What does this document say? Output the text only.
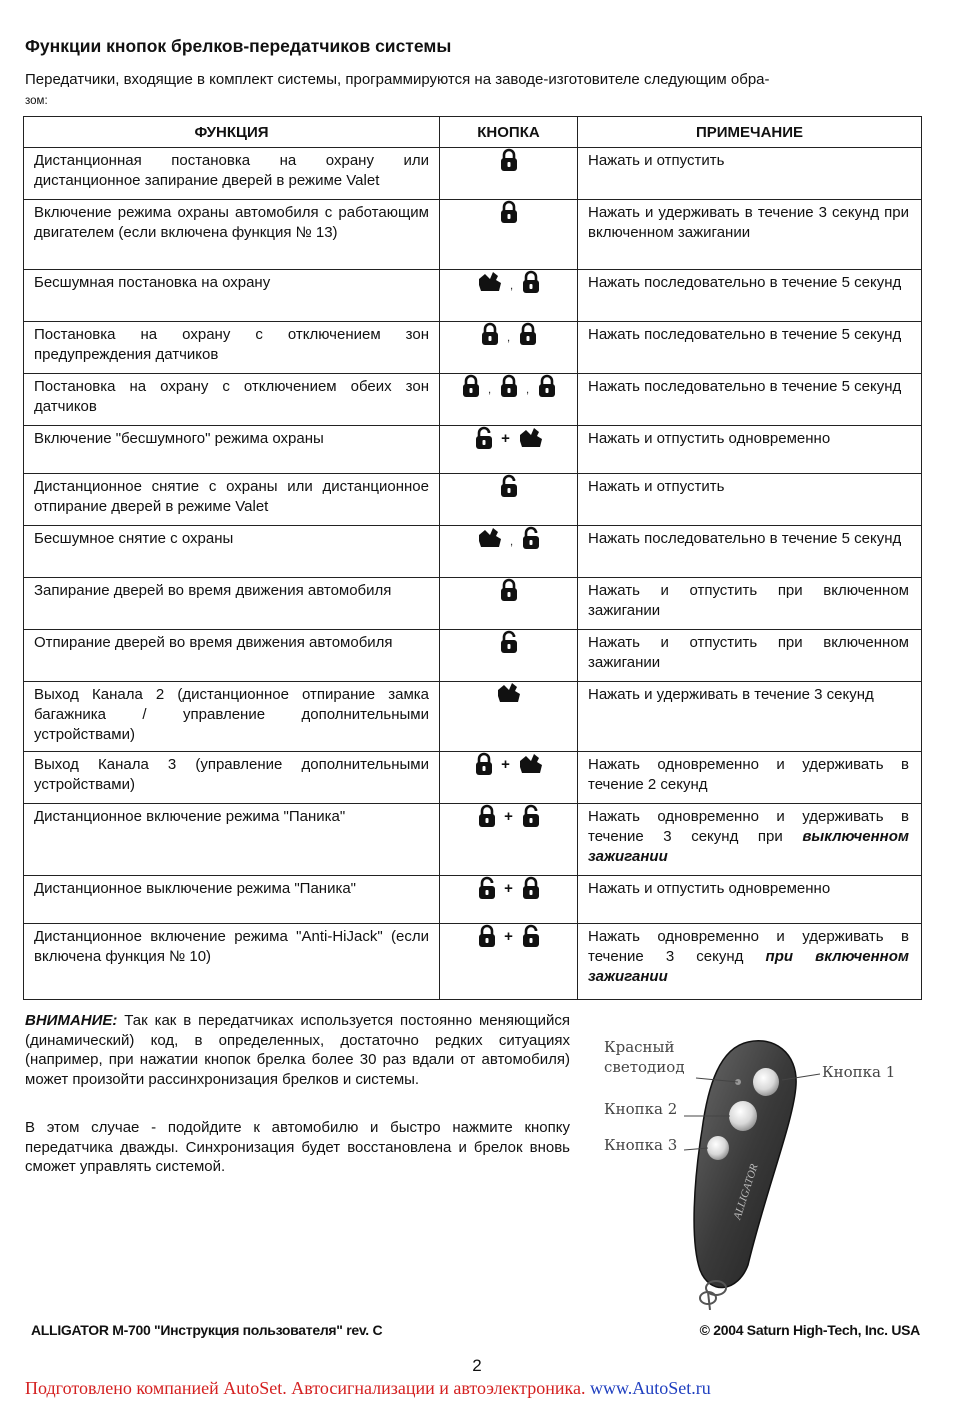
Функции кнопок брелков-передатчиков системы
Передатчики, входящие в комплект системы, программируются на заводе-изготовителе следующим обра-
зом:
ФУНКЦИЯ	КНОПКА	ПРИМЕЧАНИЕ
Дистанционная постановка на охрану или дистанционное запирание дверей в режиме Valet		Нажать и отпустить
Включение режима охраны автомобиля с работающим двигателем (если включена функция № 13)		Нажать и удерживать в течение 3 секунд при включенном зажигании
Бесшумная постановка на охрану	,	Нажать последовательно в течение 5 секунд
Постановка на охрану с отключением зон предупреждения датчиков	,	Нажать последовательно в течение 5 секунд
Постановка на охрану с отключением обеих зон датчиков	, ,	Нажать последовательно в течение 5 секунд
Включение "бесшумного" режима охраны	+	Нажать и отпустить одновременно
Дистанционное снятие с охраны или дистанционное отпирание дверей в режиме Valet		Нажать и отпустить
Бесшумное снятие с охраны	,	Нажать последовательно в течение 5 секунд
Запирание дверей во время движения автомобиля		Нажать и отпустить при включенном зажигании
Отпирание дверей во время движения автомобиля		Нажать и отпустить при включенном зажигании
Выход Канала 2 (дистанционное отпирание замка багажника / управление дополнительными устройствами)		Нажать и удерживать в течение 3 секунд
Выход Канала 3 (управление дополнительными устройствами)	+	Нажать одновременно и удерживать в течение 2 секунд
Дистанционное включение режима "Паника"	+	Нажать одновременно и удерживать в течение 3 секунд при выключенном зажигании
Дистанционное выключение режима "Паника"	+	Нажать и отпустить одновременно
Дистанционное включение режима "Anti-HiJack" (если включена функция № 10)	+	Нажать одновременно и удерживать в течение 3 секунд при включенном зажигании

ВНИМАНИЕ: Так как в передатчиках используется постоянно меняющийся (динамический) код, в определенных, достаточно редких ситуациях (например, при нажатии кнопок брелка более 30 раз вдали от автомобиля) может произойти рассинхронизация брелков и системы.

В этом случае - подойдите к автомобилю и быстро нажмите кнопку передатчика дважды. Синхронизация будет восстановлена и брелок вновь сможет управлять системой.	ALLIGATOR
Красный
светодиод	Кнопка 1
Кнопка 2
Кнопка 3
ALLIGATOR M-700 "Инструкция пользователя" rev. C	© 2004 Saturn High-Tech, Inc. USA
2
Подготовлено компанией AutoSet. Автосигнализации и автоэлектроника. www.AutoSet.ru
